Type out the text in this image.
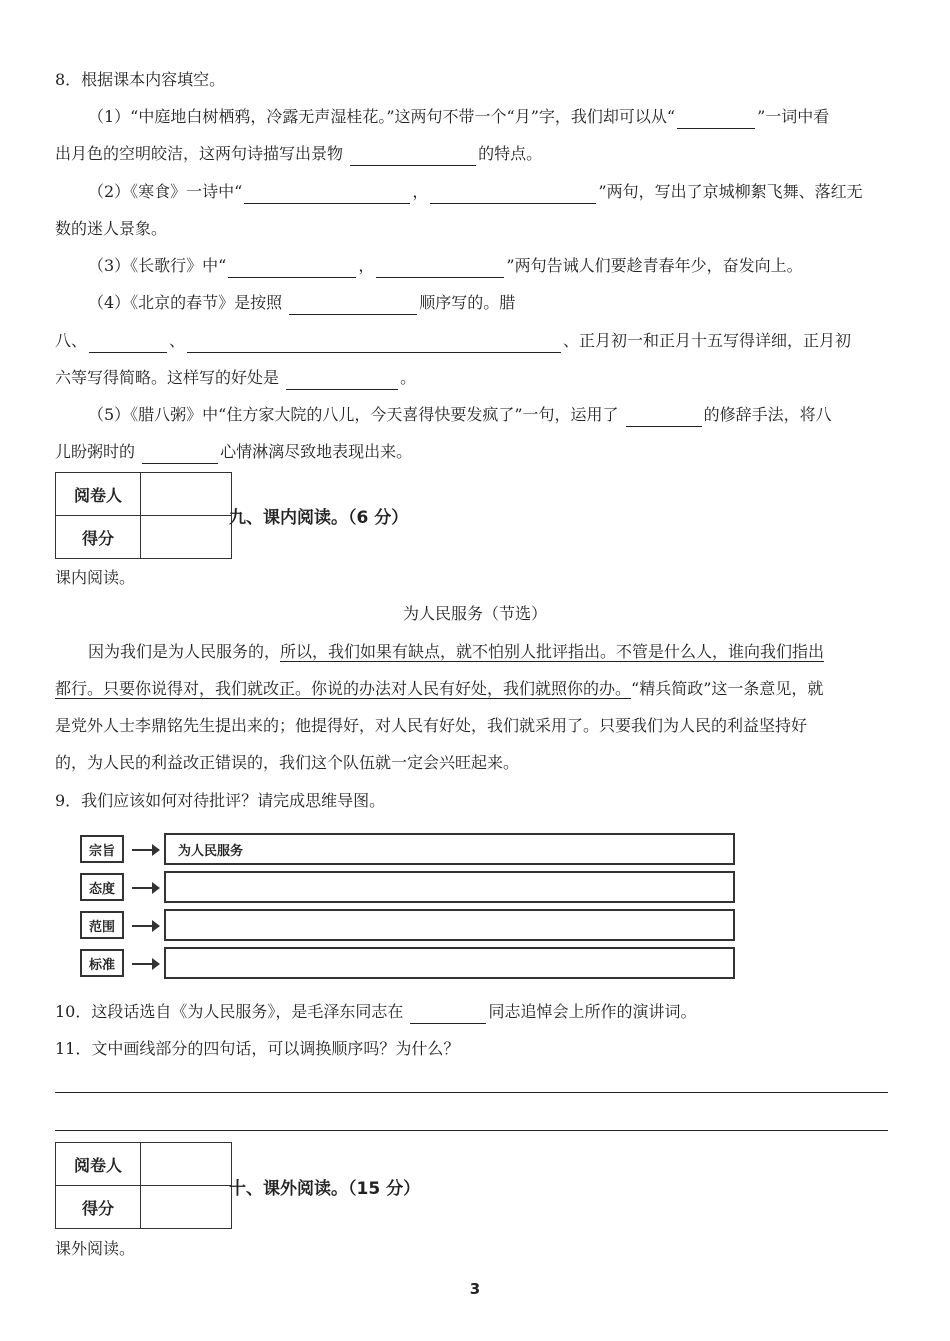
8．根据课本内容填空。
（1）“中庭地白树栖鸦，冷露无声湿桂花。”这两句不带一个“月”字，我们却可以从“	”一词中看
出月色的空明皎洁，这两句诗描写出景物	的特点。
（2）《寒食》一诗中“	，	”两句，写出了京城柳絮飞舞、落红无
数的迷人景象。
（3）《长歌行》中“	，	”两句告诫人们要趁青春年少，奋发向上。
（4）《北京的春节》是按照	顺序写的。腊
八、	、	、正月初一和正月十五写得详细，正月初
六等写得简略。这样写的好处是	。
（5）《腊八粥》中“住方家大院的八儿，今天喜得快要发疯了”一句，运用了	的修辞手法，将八
儿盼粥时的	心情淋漓尽致地表现出来。
阅卷人	
得分	
九、课内阅读。（6 分）
课内阅读。
为人民服务（节选）
因为我们是为人民服务的，所以，我们如果有缺点，就不怕别人批评指出。不管是什么人，谁向我们指出
都行。只要你说得对，我们就改正。你说的办法对人民有好处，我们就照你的办。“精兵简政”这一条意见，就
是党外人士李鼎铭先生提出来的；他提得好，对人民有好处，我们就采用了。只要我们为人民的利益坚持好
的，为人民的利益改正错误的，我们这个队伍就一定会兴旺起来。
9．我们应该如何对待批评？请完成思维导图。
宗旨	为人民服务
态度
范围
标准
10．这段话选自《为人民服务》，是毛泽东同志在	同志追悼会上所作的演讲词。
11．文中画线部分的四句话，可以调换顺序吗？为什么？
阅卷人	
得分	
十、课外阅读。（15 分）
课外阅读。
3
